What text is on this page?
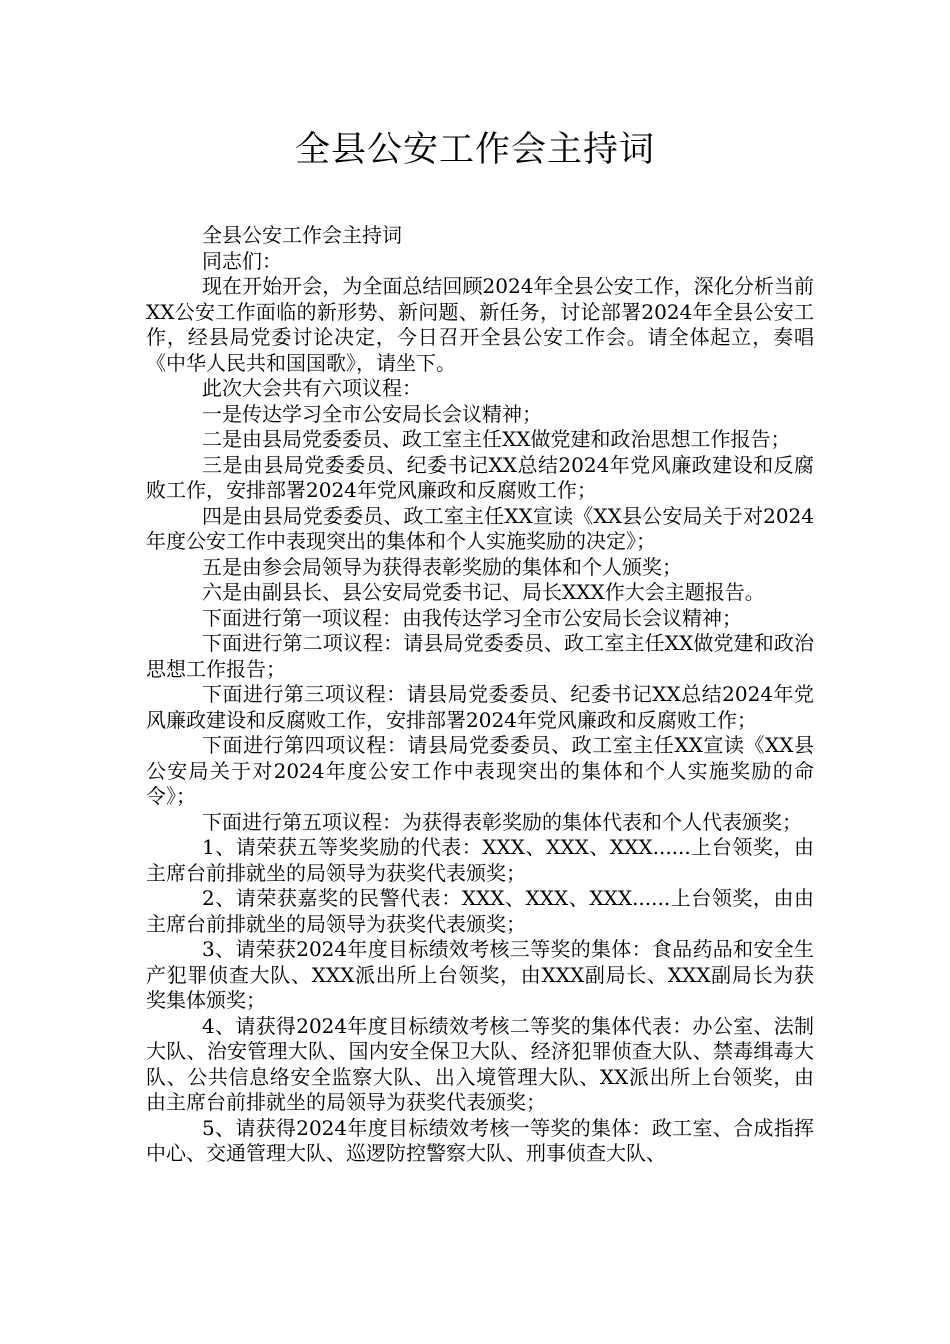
全县公安工作会主持词

全县公安工作会主持词

同志们：

现在开始开会，为全面总结回顾2024年全县公安工作，深化分析当前XX公安工作面临的新形势、新问题、新任务，讨论部署2024年全县公安工作，经县局党委讨论决定，今日召开全县公安工作会。请全体起立，奏唱《中华人民共和国国歌》，请坐下。

此次大会共有六项议程：

一是传达学习全市公安局长会议精神；

二是由县局党委委员、政工室主任XX做党建和政治思想工作报告；

三是由县局党委委员、纪委书记XX总结2024年党风廉政建设和反腐败工作，安排部署2024年党风廉政和反腐败工作；

四是由县局党委委员、政工室主任XX宣读《XX县公安局关于对2024年度公安工作中表现突出的集体和个人实施奖励的决定》；

五是由参会局领导为获得表彰奖励的集体和个人颁奖；

六是由副县长、县公安局党委书记、局长XXX作大会主题报告。

下面进行第一项议程：由我传达学习全市公安局长会议精神；

下面进行第二项议程：请县局党委委员、政工室主任XX做党建和政治思想工作报告；

下面进行第三项议程：请县局党委委员、纪委书记XX总结2024年党风廉政建设和反腐败工作，安排部署2024年党风廉政和反腐败工作；

下面进行第四项议程：请县局党委委员、政工室主任XX宣读《XX县公安局关于对2024年度公安工作中表现突出的集体和个人实施奖励的命令》；

下面进行第五项议程：为获得表彰奖励的集体代表和个人代表颁奖；

1、请荣获五等奖奖励的代表：XXX、XXX、XXX......上台领奖，由主席台前排就坐的局领导为获奖代表颁奖；

2、请荣获嘉奖的民警代表：XXX、XXX、XXX......上台领奖，由由主席台前排就坐的局领导为获奖代表颁奖；

3、请荣获2024年度目标绩效考核三等奖的集体：食品药品和安全生产犯罪侦查大队、XXX派出所上台领奖，由XXX副局长、XXX副局长为获奖集体颁奖；

4、请获得2024年度目标绩效考核二等奖的集体代表：办公室、法制大队、治安管理大队、国内安全保卫大队、经济犯罪侦查大队、禁毒缉毒大队、公共信息络安全监察大队、出入境管理大队、XX派出所上台领奖，由由主席台前排就坐的局领导为获奖代表颁奖；

5、请获得2024年度目标绩效考核一等奖的集体：政工室、合成指挥中心、交通管理大队、巡逻防控警察大队、刑事侦查大队、
